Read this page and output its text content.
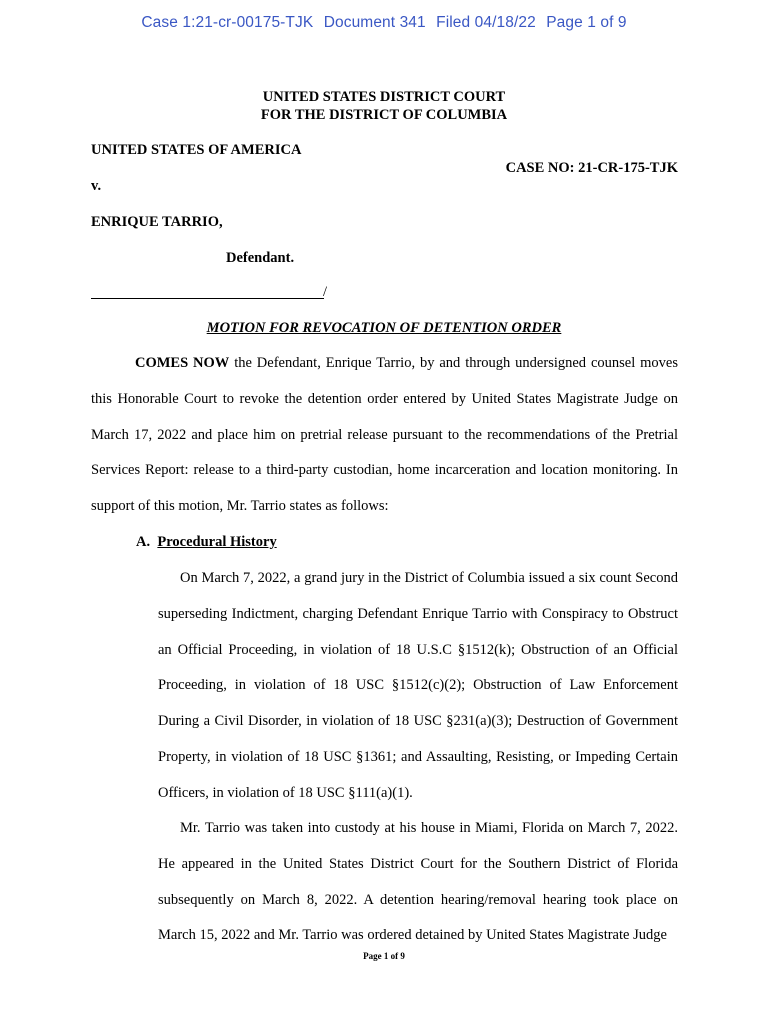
Case 1:21-cr-00175-TJK Document 341 Filed 04/18/22 Page 1 of 9
UNITED STATES DISTRICT COURT
FOR THE DISTRICT OF COLUMBIA
UNITED STATES OF AMERICA
CASE NO: 21-CR-175-TJK
v.
ENRIQUE TARRIO,
Defendant.
/
MOTION FOR REVOCATION OF DETENTION ORDER
COMES NOW the Defendant, Enrique Tarrio, by and through undersigned counsel moves this Honorable Court to revoke the detention order entered by United States Magistrate Judge on March 17, 2022 and place him on pretrial release pursuant to the recommendations of the Pretrial Services Report: release to a third-party custodian, home incarceration and location monitoring. In support of this motion, Mr. Tarrio states as follows:
A. Procedural History
On March 7, 2022, a grand jury in the District of Columbia issued a six count Second superseding Indictment, charging Defendant Enrique Tarrio with Conspiracy to Obstruct an Official Proceeding, in violation of 18 U.S.C §1512(k); Obstruction of an Official Proceeding, in violation of 18 USC §1512(c)(2); Obstruction of Law Enforcement During a Civil Disorder, in violation of 18 USC §231(a)(3); Destruction of Government Property, in violation of 18 USC §1361; and Assaulting, Resisting, or Impeding Certain Officers, in violation of 18 USC §111(a)(1).
Mr. Tarrio was taken into custody at his house in Miami, Florida on March 7, 2022. He appeared in the United States District Court for the Southern District of Florida subsequently on March 8, 2022. A detention hearing/removal hearing took place on March 15, 2022 and Mr. Tarrio was ordered detained by United States Magistrate Judge
Page 1 of 9
